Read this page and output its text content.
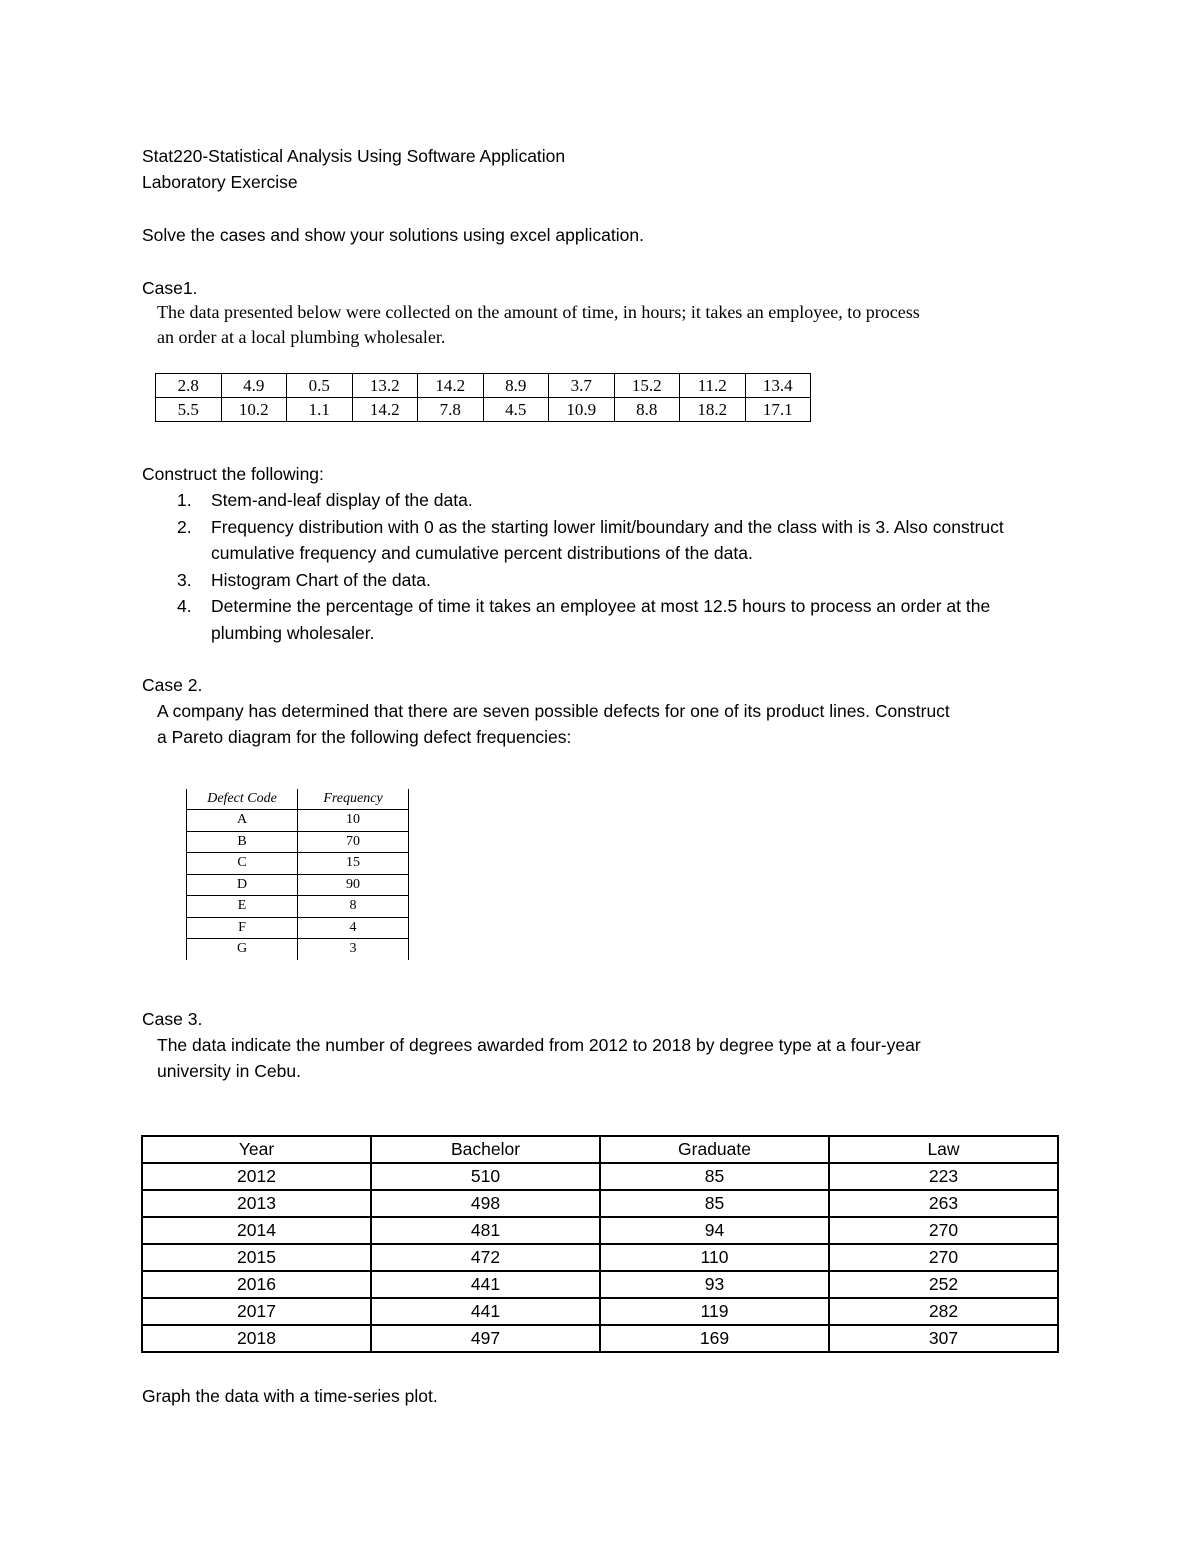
Stat220-Statistical Analysis Using Software Application
Laboratory Exercise
Solve the cases and show your solutions using excel application.
Case1.
The data presented below were collected on the amount of time, in hours; it takes an employee, to process
an order at a local plumbing wholesaler.
2.8	4.9	0.5	13.2	14.2	8.9	3.7	15.2	11.2	13.4
5.5	10.2	1.1	14.2	7.8	4.5	10.9	8.8	18.2	17.1
Construct the following:
1. Stem-and-leaf display of the data.
2. Frequency distribution with 0 as the starting lower limit/boundary and the class with is 3. Also construct cumulative frequency and cumulative percent distributions of the data.
3. Histogram Chart of the data.
4. Determine the percentage of time it takes an employee at most 12.5 hours to process an order at the plumbing wholesaler.
Case 2.
A company has determined that there are seven possible defects for one of its product lines. Construct
a Pareto diagram for the following defect frequencies:
Defect Code	Frequency
A	10
B	70
C	15
D	90
E	8
F	4
G	3
Case 3.
The data indicate the number of degrees awarded from 2012 to 2018 by degree type at a four-year
university in Cebu.
Year	Bachelor	Graduate	Law
2012	510	85	223
2013	498	85	263
2014	481	94	270
2015	472	110	270
2016	441	93	252
2017	441	119	282
2018	497	169	307
Graph the data with a time-series plot.
